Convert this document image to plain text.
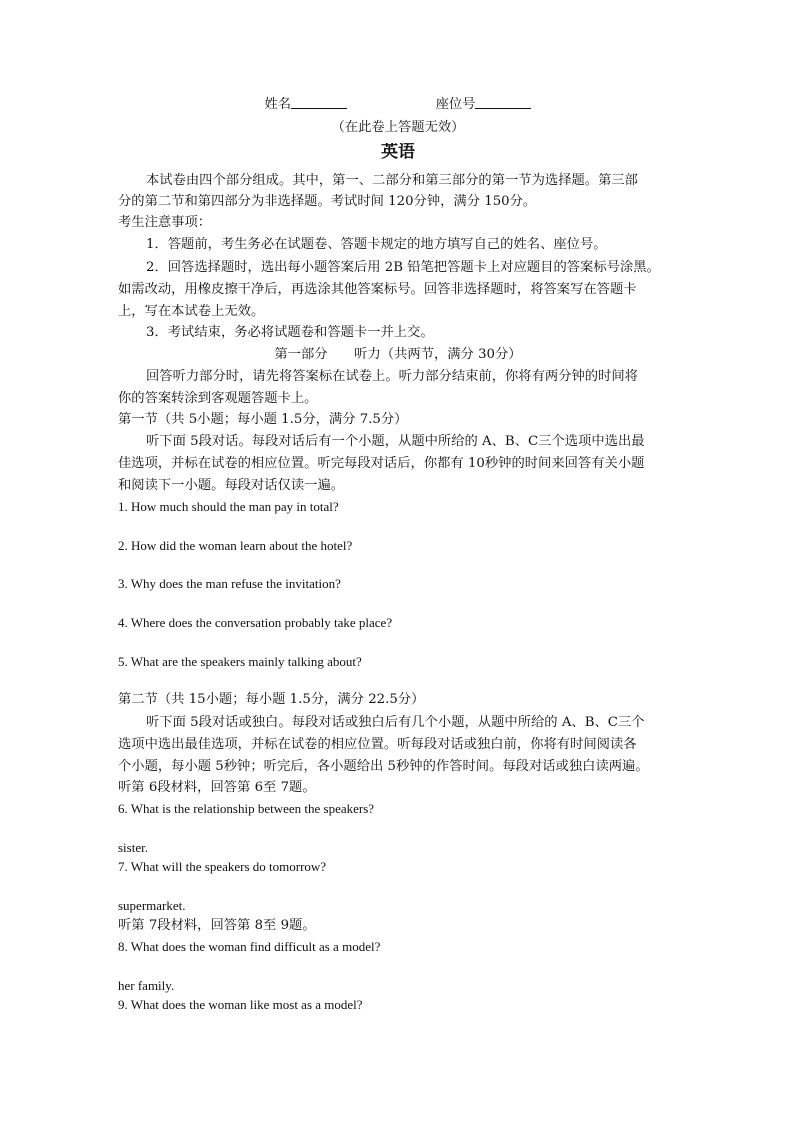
姓名	座位号
（在此卷上答题无效）
英语
本试卷由四个部分组成。其中，第一、二部分和第三部分的第一节为选择题。第三部
分的第二节和第四部分为非选择题。考试时间 120分钟，满分 150分。
考生注意事项：
1．答题前，考生务必在试题卷、答题卡规定的地方填写自己的姓名、座位号。
2．回答选择题时，选出每小题答案后用 2B 铅笔把答题卡上对应题目的答案标号涂黑。
如需改动，用橡皮擦干净后，再选涂其他答案标号。回答非选择题时，将答案写在答题卡
上，写在本试卷上无效。
3．考试结束，务必将试题卷和答题卡一并上交。
第一部分　　听力（共两节，满分 30分）
回答听力部分时，请先将答案标在试卷上。听力部分结束前，你将有两分钟的时间将
你的答案转涂到客观题答题卡上。
第一节（共 5小题；每小题 1.5分，满分 7.5分）
听下面 5段对话。每段对话后有一个小题，从题中所给的 A、B、C三个选项中选出最
佳选项，并标在试卷的相应位置。听完每段对话后，你都有 10秒钟的时间来回答有关小题
和阅读下一小题。每段对话仅读一遍。
1. How much should the man pay in total?
2. How did the woman learn about the hotel?
3. Why does the man refuse the invitation?
4. Where does the conversation probably take place?
5. What are the speakers mainly talking about?
第二节（共 15小题；每小题 1.5分，满分 22.5分）
听下面 5段对话或独白。每段对话或独白后有几个小题，从题中所给的 A、B、C三个
选项中选出最佳选项，并标在试卷的相应位置。听每段对话或独白前，你将有时间阅读各
个小题，每小题 5秒钟；听完后，各小题给出 5秒钟的作答时间。每段对话或独白读两遍。
听第 6段材料，回答第 6至 7题。
6. What is the relationship between the speakers?
sister.
7. What will the speakers do tomorrow?
supermarket.
听第 7段材料，回答第 8至 9题。
8. What does the woman find difficult as a model?
her family.
9. What does the woman like most as a model?
